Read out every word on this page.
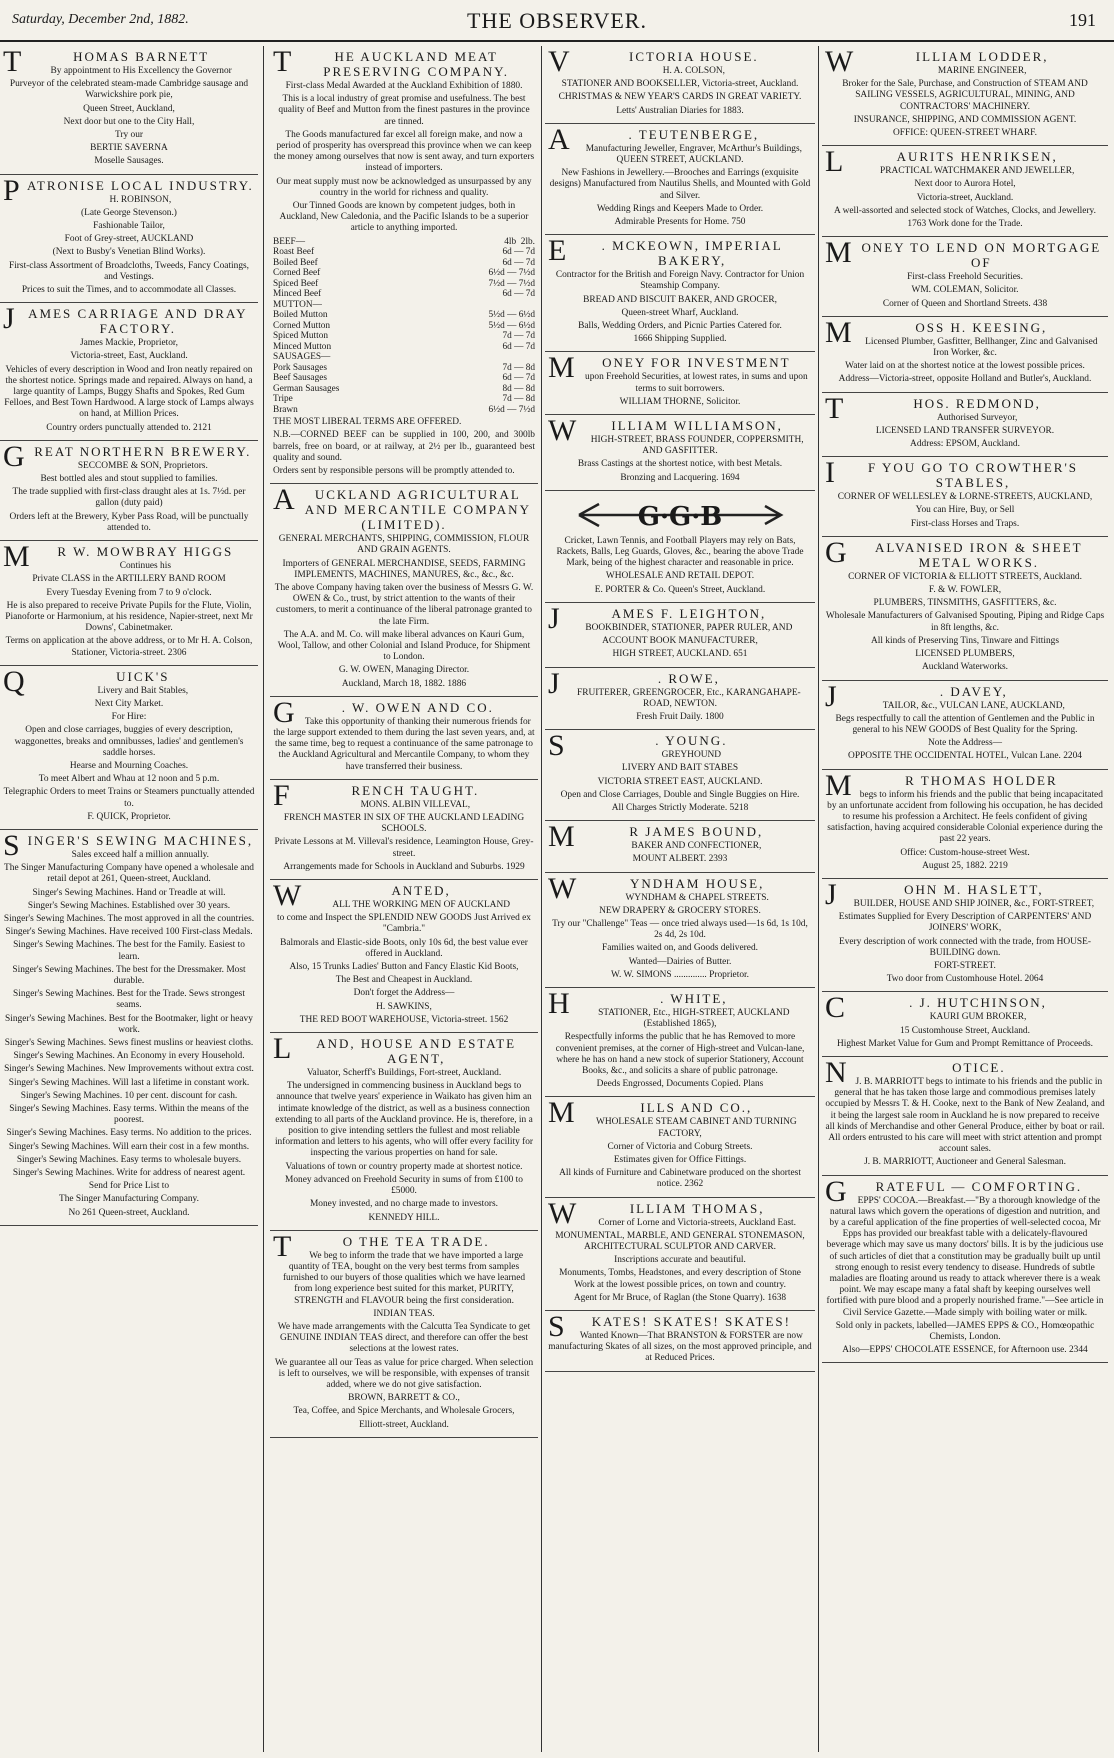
Saturday, December 2nd, 1882.	THE OBSERVER.	191
T	HOMAS BARNETT

By appointment to His Excellency the Governor

Purveyor of the celebrated steam-made Cambridge sausage and Warwickshire pork pie,

Queen Street, Auckland,

Next door but one to the City Hall,

Try our

BERTIE SAVERNA

Moselle Sausages.

PATRONISE LOCAL INDUSTRY.

H. ROBINSON,

(Late George Stevenson.)

Fashionable Tailor,

Foot of Grey-street, AUCKLAND

(Next to Busby's Venetian Blind Works).

First-class Assortment of Broadcloths, Tweeds, Fancy Coatings, and Vestings.

Prices to suit the Times, and to accommodate all Classes.

JAMES CARRIAGE AND DRAY FACTORY.

James Mackie, Proprietor,

Victoria-street, East, Auckland.

Vehicles of every description in Wood and Iron neatly repaired on the shortest notice. Springs made and repaired. Always on hand, a large quantity of Lamps, Buggy Shafts and Spokes, Red Gum Felloes, and Best Town Hardwood. A large stock of Lamps always on hand, at Million Prices.

Country orders punctually attended to. 2121

GREAT NORTHERN BREWERY.

SECCOMBE & SON, Proprietors.

Best bottled ales and stout supplied to families.

The trade supplied with first-class draught ales at 1s. 7½d. per gallon (duty paid)

Orders left at the Brewery, Kyber Pass Road, will be punctually attended to.

M R W. MOWBRAY HIGGS

Continues his

Private CLASS in the ARTILLERY BAND ROOM

Every Tuesday Evening from 7 to 9 o'clock.

He is also prepared to receive Private Pupils for the Flute, Violin, Pianoforte or Harmonium, at his residence, Napier-street, next Mr Downs', Cabinetmaker.

Terms on application at the above address, or to Mr H. A. Colson, Stationer, Victoria-street. 2306

Q	UICK'S

Livery and Bait Stables,

Next City Market.

For Hire:

Open and close carriages, buggies of every description, waggonettes, breaks and omnibusses, ladies' and gentlemen's saddle horses.

Hearse and Mourning Coaches.

To meet Albert and Whau at 12 noon and 5 p.m.

Telegraphic Orders to meet Trains or Steamers punctually attended to.

F. QUICK, Proprietor.

SINGER'S SEWING MACHINES,

Sales exceed half a million annually.

The Singer Manufacturing Company have opened a wholesale and retail depot at 261, Queen-street, Auckland.

Singer's Sewing Machines. Hand or Treadle at will.

Singer's Sewing Machines. Established over 30 years.

Singer's Sewing Machines. The most approved in all the countries.

Singer's Sewing Machines. Have received 100 First-class Medals.

Singer's Sewing Machines. The best for the Family. Easiest to learn.

Singer's Sewing Machines. The best for the Dressmaker. Most durable.

Singer's Sewing Machines. Best for the Trade. Sews strongest seams.

Singer's Sewing Machines. Best for the Bootmaker, light or heavy work.

Singer's Sewing Machines. Sews finest muslins or heaviest cloths.

Singer's Sewing Machines. An Economy in every Household.

Singer's Sewing Machines. New Improvements without extra cost.

Singer's Sewing Machines. Will last a lifetime in constant work.

Singer's Sewing Machines. 10 per cent. discount for cash.

Singer's Sewing Machines. Easy terms. Within the means of the poorest.

Singer's Sewing Machines. Easy terms. No addition to the prices.

Singer's Sewing Machines. Will earn their cost in a few months.

Singer's Sewing Machines. Easy terms to wholesale buyers.

Singer's Sewing Machines. Write for address of nearest agent.

Send for Price List to

The Singer Manufacturing Company.

No 261 Queen-street, Auckland.

T	HE AUCKLAND MEAT PRESERVING COMPANY.

First-class Medal Awarded at the Auckland Exhibition of 1880.

This is a local industry of great promise and usefulness. The best quality of Beef and Mutton from the finest pastures in the province are tinned.

The Goods manufactured far excel all foreign make, and now a period of prosperity has overspread this province when we can keep the money among ourselves that now is sent away, and turn exporters instead of importers.

Our meat supply must now be acknowledged as unsurpassed by any country in the world for richness and quality.

Our Tinned Goods are known by competent judges, both in Auckland, New Caledonia, and the Pacific Islands to be a superior article to anything imported.

BEEF—	4lb  2lb.
Roast Beef	6d — 7d
Boiled Beef	6d — 7d
Corned Beef	6½d — 7½d
Spiced Beef	7½d — 7½d
Minced Beef	6d — 7d
MUTTON—
Boiled Mutton	5½d — 6½d
Corned Mutton	5½d — 6½d
Spiced Mutton	7d — 7d
Minced Mutton	6d — 7d
SAUSAGES—
Pork Sausages	7d — 8d
Beef Sausages	6d — 7d
German Sausages	8d — 8d
Tripe	7d — 8d
Brawn	6½d — 7½d

THE MOST LIBERAL TERMS ARE OFFERED.

N.B.—CORNED BEEF can be supplied in 100, 200, and 300lb barrels, free on board, or at railway, at 2½ per lb., guaranteed best quality and sound.

Orders sent by responsible persons will be promptly attended to.

A UCKLAND AGRICULTURAL AND MERCANTILE COMPANY (LIMITED).

GENERAL MERCHANTS, SHIPPING, COMMISSION, FLOUR AND GRAIN AGENTS.

Importers of GENERAL MERCHANDISE, SEEDS, FARMING IMPLEMENTS, MACHINES, MANURES, &c., &c., &c.

The above Company having taken over the business of Messrs G. W. OWEN & Co., trust, by strict attention to the wants of their customers, to merit a continuance of the liberal patronage granted to the late Firm.

The A.A. and M. Co. will make liberal advances on Kauri Gum, Wool, Tallow, and other Colonial and Island Produce, for Shipment to London.

G. W. OWEN, Managing Director.

Auckland, March 18, 1882. 1886

G	. W. OWEN AND CO.

Take this opportunity of thanking their numerous friends for the large support extended to them during the last seven years, and, at the same time, beg to request a continuance of the same patronage to the Auckland Agricultural and Mercantile Company, to whom they have transferred their business.

F	RENCH TAUGHT.

MONS. ALBIN VILLEVAL,

FRENCH MASTER IN SIX OF THE AUCKLAND LEADING SCHOOLS.

Private Lessons at M. Villeval's residence, Leamington House, Grey-street.

Arrangements made for Schools in Auckland and Suburbs. 1929

W	ANTED,

ALL THE WORKING MEN OF AUCKLAND

to come and Inspect the SPLENDID NEW GOODS Just Arrived ex "Cambria."

Balmorals and Elastic-side Boots, only 10s 6d, the best value ever offered in Auckland.

Also, 15 Trunks Ladies' Button and Fancy Elastic Kid Boots,

The Best and Cheapest in Auckland.

Don't forget the Address—

H. SAWKINS,

THE RED BOOT WAREHOUSE, Victoria-street. 1562

L AND, HOUSE AND ESTATE AGENT,

Valuator, Scherff's Buildings, Fort-street, Auckland.

The undersigned in commencing business in Auckland begs to announce that twelve years' experience in Waikato has given him an intimate knowledge of the district, as well as a business connection extending to all parts of the Auckland province. He is, therefore, in a position to give intending settlers the fullest and most reliable information and letters to his agents, who will offer every facility for inspecting the various properties on hand for sale.

Valuations of town or country property made at shortest notice.

Money advanced on Freehold Security in sums of from £100 to £5000.

Money invested, and no charge made to investors.

KENNEDY HILL.

T	O THE TEA TRADE.

We beg to inform the trade that we have imported a large quantity of TEA, bought on the very best terms from samples furnished to our buyers of those qualities which we have learned from long experience best suited for this market, PURITY, STRENGTH and FLAVOUR being the first consideration.

INDIAN TEAS.

We have made arrangements with the Calcutta Tea Syndicate to get GENUINE INDIAN TEAS direct, and therefore can offer the best selections at the lowest rates.

We guarantee all our Teas as value for price charged. When selection is left to ourselves, we will be responsible, with expenses of transit added, where we do not give satisfaction.

BROWN, BARRETT & CO.,

Tea, Coffee, and Spice Merchants, and Wholesale Grocers,

Elliott-street, Auckland.

V	ICTORIA HOUSE.

H. A. COLSON,

STATIONER AND BOOKSELLER, Victoria-street, Auckland.

CHRISTMAS & NEW YEAR'S CARDS IN GREAT VARIETY.

Letts' Australian Diaries for 1883.

A	. TEUTENBERGE,

Manufacturing Jeweller, Engraver, McArthur's Buildings, QUEEN STREET, AUCKLAND.

New Fashions in Jewellery.—Brooches and Earrings (exquisite designs) Manufactured from Nautilus Shells, and Mounted with Gold and Silver.

Wedding Rings and Keepers Made to Order.

Admirable Presents for Home. 750

E	. MCKEOWN, IMPERIAL BAKERY,

Contractor for the British and Foreign Navy. Contractor for Union Steamship Company.

BREAD AND BISCUIT BAKER, AND GROCER,

Queen-street Wharf, Auckland.

Balls, Wedding Orders, and Picnic Parties Catered for.

1666 Shipping Supplied.

M ONEY FOR INVESTMENT

upon Freehold Securities, at lowest rates, in sums and upon terms to suit borrowers.

WILLIAM THORNE, Solicitor.

W	ILLIAM WILLIAMSON,

HIGH-STREET, BRASS FOUNDER, COPPERSMITH, AND GASFITTER.

Brass Castings at the shortest notice, with best Metals.

Bronzing and Lacquering. 1694

G·G·B

Cricket, Lawn Tennis, and Football Players may rely on Bats, Rackets, Balls, Leg Guards, Gloves, &c., bearing the above Trade Mark, being of the highest character and reasonable in price.

WHOLESALE AND RETAIL DEPOT.

E. PORTER & Co. Queen's Street, Auckland.

J	AMES F. LEIGHTON,

BOOKBINDER, STATIONER, PAPER RULER, AND

ACCOUNT BOOK MANUFACTURER,

HIGH STREET, AUCKLAND. 651

J	. ROWE,

FRUITERER, GREENGROCER, Etc., KARANGAHAPE-ROAD, NEWTON.

Fresh Fruit Daily. 1800

S	. YOUNG.

GREYHOUND

LIVERY AND BAIT STABES

VICTORIA STREET EAST, AUCKLAND.

Open and Close Carriages, Double and Single Buggies on Hire.

All Charges Strictly Moderate. 5218

M	R JAMES BOUND,

BAKER AND CONFECTIONER,

MOUNT ALBERT. 2393

W	YNDHAM HOUSE,

WYNDHAM & CHAPEL STREETS.

NEW DRAPERY & GROCERY STORES.

Try our "Challenge" Teas — once tried always used—1s 6d, 1s 10d, 2s 4d, 2s 10d.

Families waited on, and Goods delivered.

Wanted—Dairies of Butter.

W. W. SIMONS .............. Proprietor.

H	. WHITE,

STATIONER, Etc., HIGH-STREET, AUCKLAND (Established 1865),

Respectfully informs the public that he has Removed to more convenient premises, at the corner of High-street and Vulcan-lane, where he has on hand a new stock of superior Stationery, Account Books, &c., and solicits a share of public patronage.

Deeds Engrossed, Documents Copied. Plans

M	ILLS AND CO.,

WHOLESALE STEAM CABINET AND TURNING FACTORY,

Corner of Victoria and Coburg Streets.

Estimates given for Office Fittings.

All kinds of Furniture and Cabinetware produced on the shortest notice. 2362

W	ILLIAM THOMAS,

Corner of Lorne and Victoria-streets, Auckland East.

MONUMENTAL, MARBLE, AND GENERAL STONEMASON, ARCHITECTURAL SCULPTOR AND CARVER.

Inscriptions accurate and beautiful.

Monuments, Tombs, Headstones, and every description of Stone Work at the lowest possible prices, on town and country.

Agent for Mr Bruce, of Raglan (the Stone Quarry). 1638

S KATES! SKATES! SKATES!

Wanted Known—That BRANSTON & FORSTER are now manufacturing Skates of all sizes, on the most approved principle, and at Reduced Prices.

W	ILLIAM LODDER,

MARINE ENGINEER,

Broker for the Sale, Purchase, and Construction of STEAM AND SAILING VESSELS, AGRICULTURAL, MINING, AND CONTRACTORS' MACHINERY.

INSURANCE, SHIPPING, AND COMMISSION AGENT.

OFFICE: QUEEN-STREET WHARF.

L	AURITS HENRIKSEN,

PRACTICAL WATCHMAKER AND JEWELLER,

Next door to Aurora Hotel,

Victoria-street, Auckland.

A well-assorted and selected stock of Watches, Clocks, and Jewellery.

1763 Work done for the Trade.

MONEY TO LEND ON MORTGAGE OF

First-class Freehold Securities.

WM. COLEMAN, Solicitor.

Corner of Queen and Shortland Streets. 438

M	OSS H. KEESING,

Licensed Plumber, Gasfitter, Bellhanger, Zinc and Galvanised Iron Worker, &c.

Water laid on at the shortest notice at the lowest possible prices.

Address—Victoria-street, opposite Holland and Butler's, Auckland.

T	HOS. REDMOND,

Authorised Surveyor,

LICENSED LAND TRANSFER SURVEYOR.

Address: EPSOM, Auckland.

I F YOU GO TO CROWTHER'S STABLES,

CORNER OF WELLESLEY & LORNE-STREETS, AUCKLAND,

You can Hire, Buy, or Sell

First-class Horses and Traps.

G ALVANISED IRON & SHEET METAL WORKS.

CORNER OF VICTORIA & ELLIOTT STREETS, Auckland.

F. & W. FOWLER,

PLUMBERS, TINSMITHS, GASFITTERS, &c.

Wholesale Manufacturers of Galvanised Spouting, Piping and Ridge Caps in 8ft lengths, &c.

All kinds of Preserving Tins, Tinware and Fittings

LICENSED PLUMBERS,

Auckland Waterworks.

J	. DAVEY,

TAILOR, &c., VULCAN LANE, AUCKLAND,

Begs respectfully to call the attention of Gentlemen and the Public in general to his NEW GOODS of Best Quality for the Spring.

Note the Address—

OPPOSITE THE OCCIDENTAL HOTEL, Vulcan Lane. 2204

M	R THOMAS HOLDER

begs to inform his friends and the public that being incapacitated by an unfortunate accident from following his occupation, he has decided to resume his profession a Architect. He feels confident of giving satisfaction, having acquired considerable Colonial experience during the past 22 years.

Office: Custom-house-street West.

August 25, 1882. 2219

J	OHN M. HASLETT,

BUILDER, HOUSE AND SHIP JOINER, &c., FORT-STREET,

Estimates Supplied for Every Description of CARPENTERS' AND JOINERS' WORK,

Every description of work connected with the trade, from HOUSE-BUILDING down.

FORT-STREET.

Two door from Customhouse Hotel. 2064

C	. J. HUTCHINSON,

KAURI GUM BROKER,

15 Customhouse Street, Auckland.

Highest Market Value for Gum and Prompt Remittance of Proceeds.

N	OTICE.

J. B. MARRIOTT begs to intimate to his friends and the public in general that he has taken those large and commodious premises lately occupied by Messrs T. & H. Cooke, next to the Bank of New Zealand, and it being the largest sale room in Auckland he is now prepared to receive all kinds of Merchandise and other General Produce, either by boat or rail. All orders entrusted to his care will meet with strict attention and prompt account sales.

J. B. MARRIOTT, Auctioneer and General Salesman.

G RATEFUL — COMFORTING.

EPPS' COCOA.—Breakfast.—"By a thorough knowledge of the natural laws which govern the operations of digestion and nutrition, and by a careful application of the fine properties of well-selected cocoa, Mr Epps has provided our breakfast table with a delicately-flavoured beverage which may save us many doctors' bills. It is by the judicious use of such articles of diet that a constitution may be gradually built up until strong enough to resist every tendency to disease. Hundreds of subtle maladies are floating around us ready to attack wherever there is a weak point. We may escape many a fatal shaft by keeping ourselves well fortified with pure blood and a properly nourished frame."—See article in Civil Service Gazette.—Made simply with boiling water or milk.

Sold only in packets, labelled—JAMES EPPS & CO., Homœopathic Chemists, London.

Also—EPPS' CHOCOLATE ESSENCE, for Afternoon use. 2344
